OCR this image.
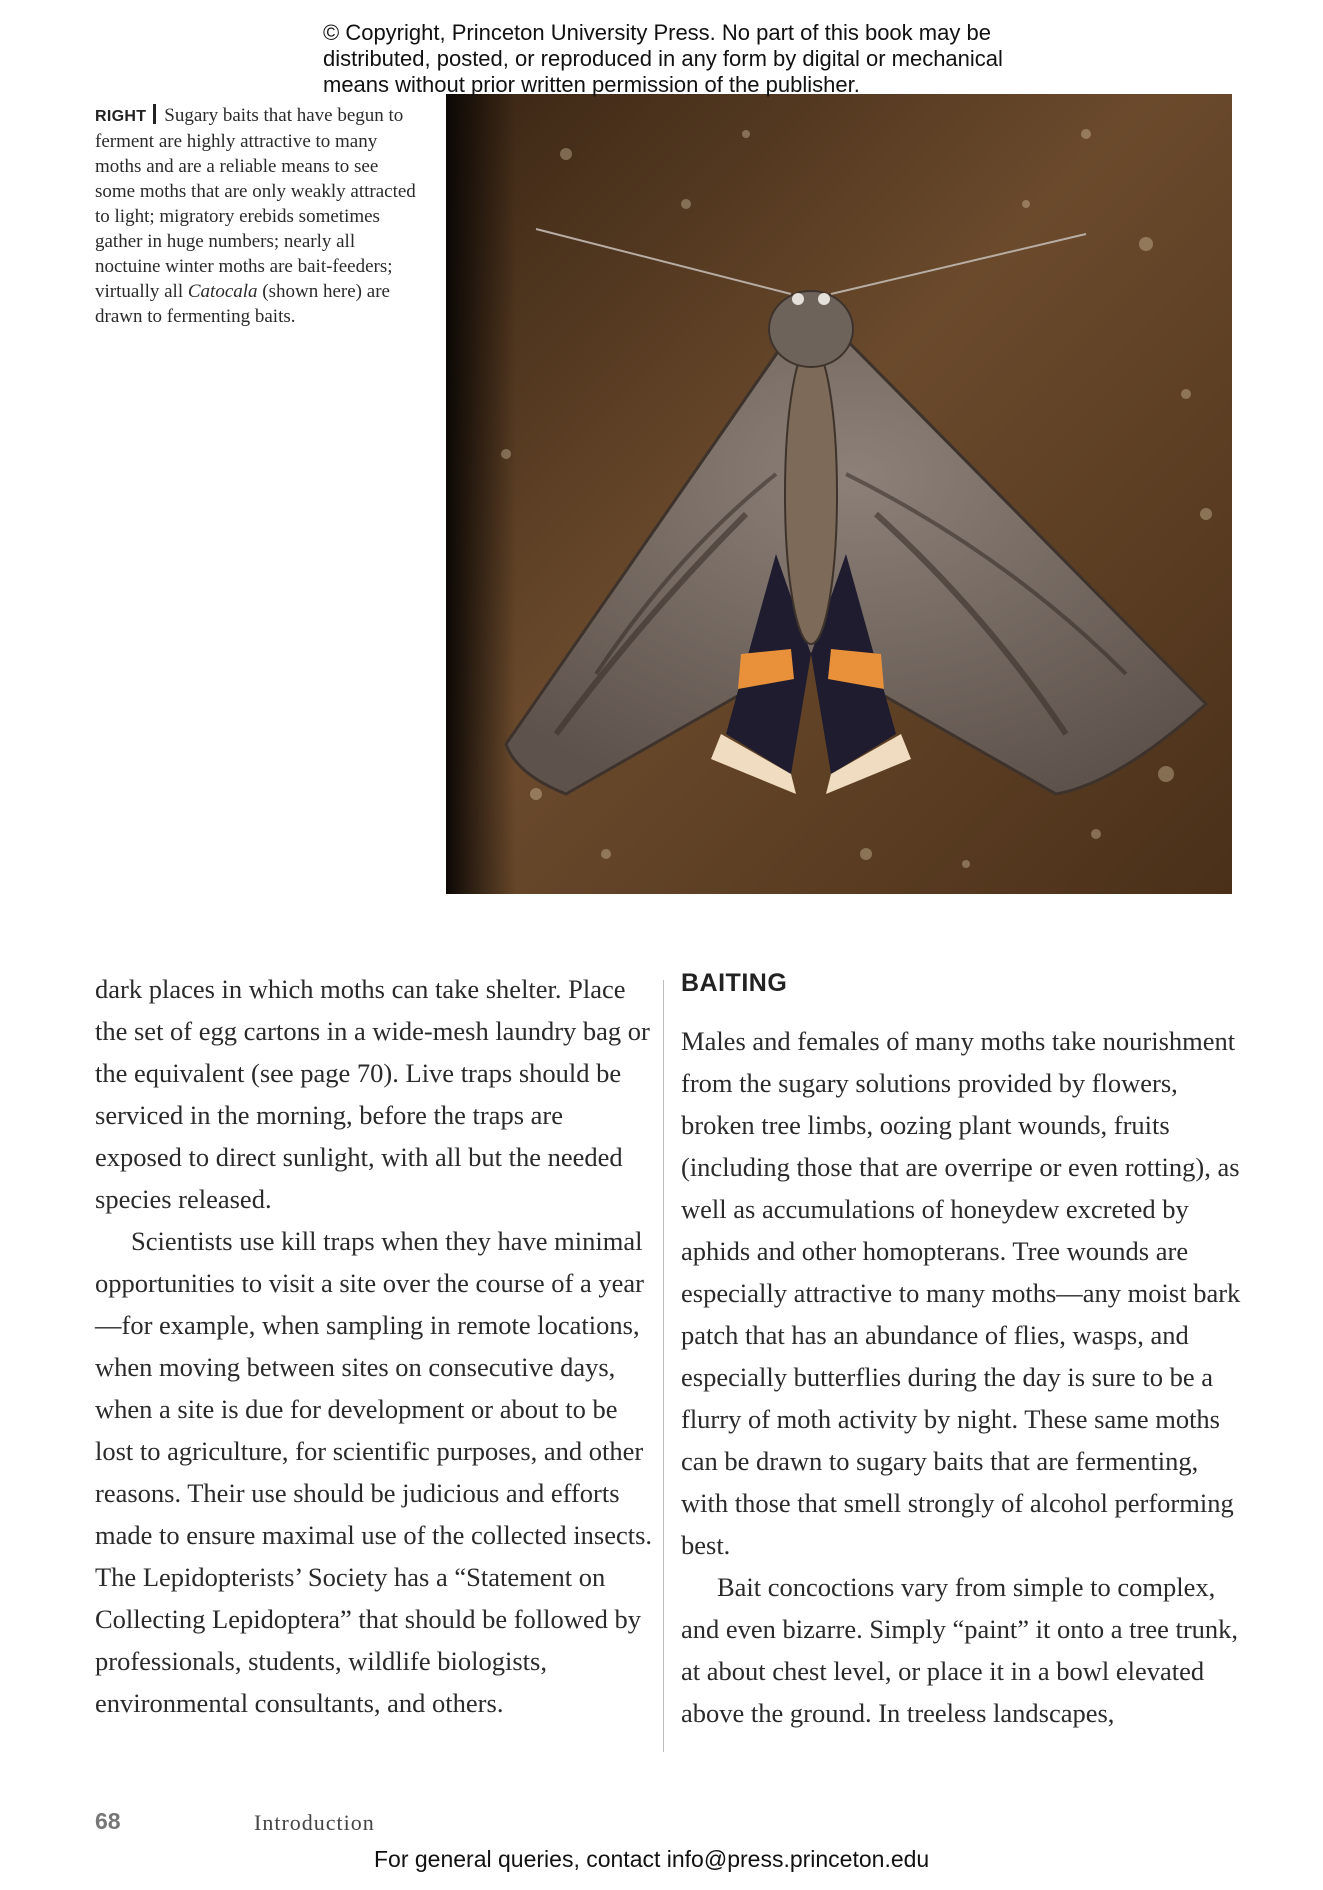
© Copyright, Princeton University Press. No part of this book may be distributed, posted, or reproduced in any form by digital or mechanical means without prior written permission of the publisher.
RIGHT Sugary baits that have begun to ferment are highly attractive to many moths and are a reliable means to see some moths that are only weakly attracted to light; migratory erebids sometimes gather in huge numbers; nearly all noctuine winter moths are bait-feeders; virtually all Catocala (shown here) are drawn to fermenting baits.

dark places in which moths can take shelter. Place the set of egg cartons in a wide-mesh laundry bag or the equivalent (see page 70). Live traps should be serviced in the morning, before the traps are exposed to direct sunlight, with all but the needed species released.

Scientists use kill traps when they have minimal opportunities to visit a site over the course of a year—for example, when sampling in remote locations, when moving between sites on consecutive days, when a site is due for development or about to be lost to agriculture, for scientific purposes, and other reasons. Their use should be judicious and efforts made to ensure maximal use of the collected insects. The Lepidopterists’ Society has a “Statement on Collecting Lepidoptera” that should be followed by professionals, students, wildlife biologists, environmental consultants, and others.

BAITING

Males and females of many moths take nourishment from the sugary solutions provided by flowers, broken tree limbs, oozing plant wounds, fruits (including those that are overripe or even rotting), as well as accumulations of honeydew excreted by aphids and other homopterans. Tree wounds are especially attractive to many moths—any moist bark patch that has an abundance of flies, wasps, and especially butterflies during the day is sure to be a flurry of moth activity by night. These same moths can be drawn to sugary baits that are fermenting, with those that smell strongly of alcohol performing best.

Bait concoctions vary from simple to complex, and even bizarre. Simply “paint” it onto a tree trunk, at about chest level, or place it in a bowl elevated above the ground. In treeless landscapes,

68	Introduction
For general queries, contact info@press.princeton.edu
